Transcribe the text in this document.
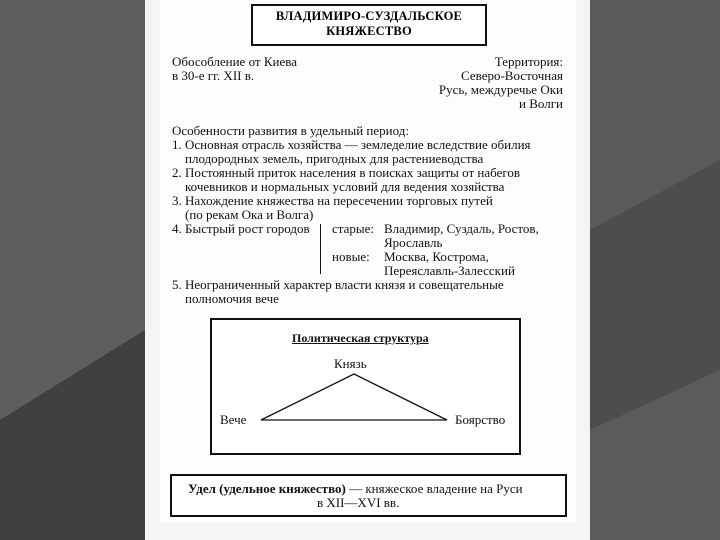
ВЛАДИМИРО-СУЗДАЛЬСКОЕ
КНЯЖЕСТВО
Обособление от Киева
в 30-е гг. XII в.
Территория:
Северо-Восточная
Русь, междуречье Оки
и Волги
Особенности развития в удельный период:
1. Основная отрасль хозяйства — земледелие вследствие обилия
плодородных земель, пригодных для растениеводства
2. Постоянный приток населения в поисках защиты от набегов
кочевников и нормальных условий для ведения хозяйства
3. Нахождение княжества на пересечении торговых путей
(по рекам Ока и Волга)
4. Быстрый рост городов старые: Владимир, Суздаль, Ростов,
Ярославль
новые: Москва, Кострома,
Переяславль-Залесский
5. Неограниченный характер власти князя и совещательные
полномочия вече
Политическая структура
Князь
Вече	Боярство
Удел (удельное княжество) — княжеское владение на Руси
в XII—XVI вв.
